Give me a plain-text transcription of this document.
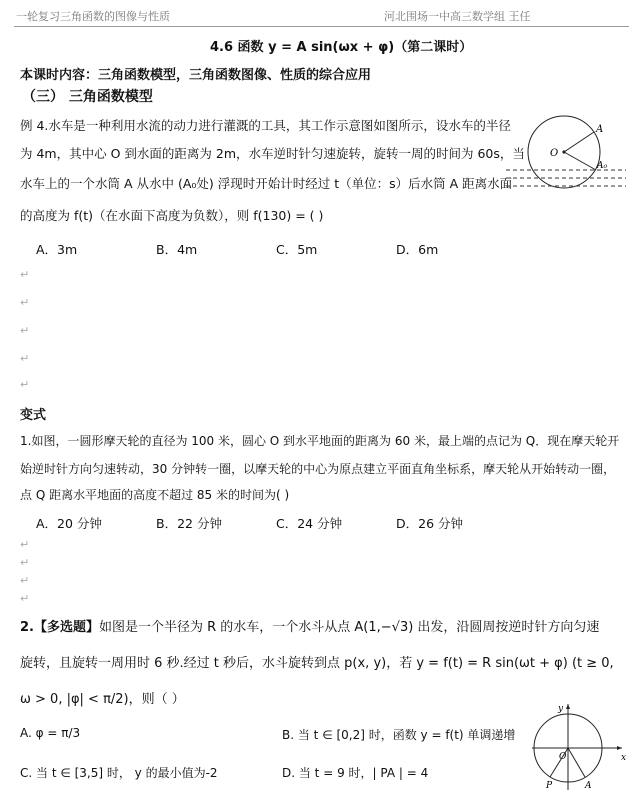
一轮复习三角函数的图像与性质	河北围场一中高三数学组 王任
4.6 函数 y = A sin(ωx + φ)（第二课时）
本课时内容：三角函数模型，三角函数图像、性质的综合应用
（三） 三角函数模型
例 4.水车是一种利用水流的动力进行灌溉的工具，其工作示意图如图所示，设水车的半径
为 4m，其中心 O 到水面的距离为 2m，水车逆时针匀速旋转，旋转一周的时间为 60s，当
水车上的一个水筒 A 从水中 (A₀处) 浮现时开始计时经过 t（单位：s）后水筒 A 距离水面
的高度为 f(t)（在水面下高度为负数），则 f(130) = ( )
O
A
A₀
A．3m	B．4m	C．5m	D．6m
↵
↵
↵
↵
↵
变式
1.如图，一圆形摩天轮的直径为 100 米，圆心 O 到水平地面的距离为 60 米，最上端的点记为 Q．现在摩天轮开
始逆时针方向匀速转动，30 分钟转一圈，以摩天轮的中心为原点建立平面直角坐标系，摩天轮从开始转动一圈，
点 Q 距离水平地面的高度不超过 85 米的时间为( )
A．20 分钟	B．22 分钟	C．24 分钟	D．26 分钟
↵
↵
↵
↵
2.【多选题】如图是一个半径为 R 的水车，一个水斗从点 A(1,−√3) 出发，沿圆周按逆时针方向匀速
旋转，且旋转一周用时 6 秒.经过 t 秒后，水斗旋转到点 p(x, y)，若 y = f(t) = R sin(ωt + φ) (t ≥ 0,
ω > 0, |φ| < π/2)，则（ ）
A. φ = π/3	B. 当 t ∈ [0,2] 时，函数 y = f(t) 单调递增
C. 当 t ∈ [3,5] 时， y 的最小值为-2	D. 当 t = 9 时，| PA | = 4
O	x
y
P	A
